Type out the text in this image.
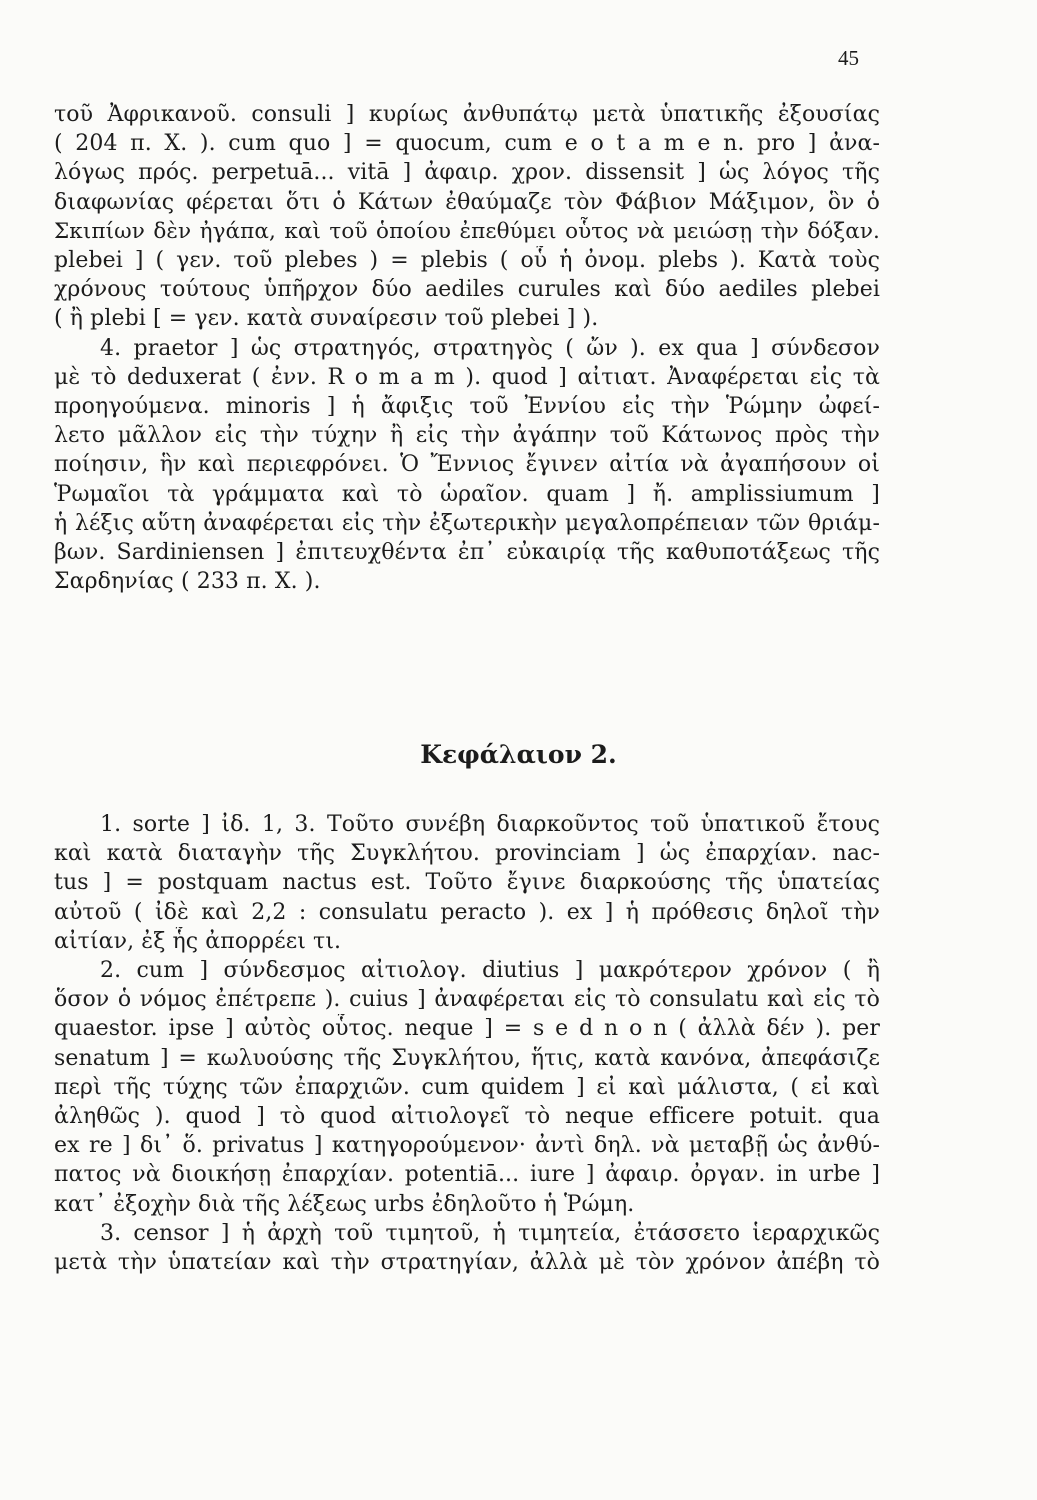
45
τοῦ Ἀφρικανοῦ. consuli ] κυρίως ἀνθυπάτῳ μετὰ ὑπατικῆς ἐξουσίας
( 204 π. Χ. ). cum quo ] = quocum, cum e o t a m e n. pro ] ἀνα-
λόγως πρός. perpetuā... vitā ] ἀφαιρ. χρον. dissensit ] ὡς λόγος τῆς
διαφωνίας φέρεται ὅτι ὁ Κάτων ἐθαύμαζε τὸν Φάβιον Μάξιμον, ὃν ὁ
Σκιπίων δὲν ἠγάπα, καὶ τοῦ ὁποίου ἐπεθύμει οὗτος νὰ μειώσῃ τὴν δόξαν.
plebei ] ( γεν. τοῦ plebes ) = plebis ( οὗ ἡ ὀνομ. plebs ). Κατὰ τοὺς
χρόνους τούτους ὑπῆρχον δύο aediles curules καὶ δύο aediles plebei
( ἢ plebi [ = γεν. κατὰ συναίρεσιν τοῦ plebei ] ).
4. praetor ] ὡς στρατηγός, στρατηγὸς ( ὤν ). ex qua ] σύνδεσον
μὲ τὸ deduxerat ( ἐνν. R o m a m ). quod ] αἰτιατ. Ἀναφέρεται εἰς τὰ
προηγούμενα. minoris ] ἡ ἄφιξις τοῦ Ἐννίου εἰς τὴν Ῥώμην ὠφεί-
λετο μᾶλλον εἰς τὴν τύχην ἢ εἰς τὴν ἀγάπην τοῦ Κάτωνος πρὸς τὴν
ποίησιν, ἣν καὶ περιεφρόνει. Ὁ Ἔννιος ἔγινεν αἰτία νὰ ἀγαπήσουν οἱ
Ῥωμαῖοι τὰ γράμματα καὶ τὸ ὡραῖον. quam ] ἤ. amplissiumum ]
ἡ λέξις αὕτη ἀναφέρεται εἰς τὴν ἐξωτερικὴν μεγαλοπρέπειαν τῶν θριάμ-
βων. Sardiniensen ] ἐπιτευχθέντα ἐπ᾿ εὐκαιρίᾳ τῆς καθυποτάξεως τῆς
Σαρδηνίας ( 233 π. Χ. ).
Κεφάλαιον 2.
1. sorte ] ἰδ. 1, 3. Τοῦτο συνέβη διαρκοῦντος τοῦ ὑπατικοῦ ἔτους
καὶ κατὰ διαταγὴν τῆς Συγκλήτου. provinciam ] ὡς ἐπαρχίαν. nac-
tus ] = postquam nactus est. Τοῦτο ἔγινε διαρκούσης τῆς ὑπατείας
αὐτοῦ ( ἰδὲ καὶ 2,2 : consulatu peracto ). ex ] ἡ πρόθεσις δηλοῖ τὴν
αἰτίαν, ἐξ ἧς ἀπορρέει τι.
2. cum ] σύνδεσμος αἰτιολογ. diutius ] μακρότερον χρόνον ( ἢ
ὅσον ὁ νόμος ἐπέτρεπε ). cuius ] ἀναφέρεται εἰς τὸ consulatu καὶ εἰς τὸ
quaestor. ipse ] αὐτὸς οὗτος. neque ] = s e d n o n ( ἀλλὰ δέν ). per
senatum ] = κωλυούσης τῆς Συγκλήτου, ἥτις, κατὰ κανόνα, ἀπεφάσιζε
περὶ τῆς τύχης τῶν ἐπαρχιῶν. cum quidem ] εἰ καὶ μάλιστα, ( εἰ καὶ
ἀληθῶς ). quod ] τὸ quod αἰτιολογεῖ τὸ neque efficere potuit. qua
ex re ] δι᾿ ὅ. privatus ] κατηγορούμενον· ἀντὶ δηλ. νὰ μεταβῇ ὡς ἀνθύ-
πατος νὰ διοικήσῃ ἐπαρχίαν. potentiā... iure ] ἀφαιρ. ὀργαν. in urbe ]
κατ᾿ ἐξοχὴν διὰ τῆς λέξεως urbs ἐδηλοῦτο ἡ Ῥώμη.
3. censor ] ἡ ἀρχὴ τοῦ τιμητοῦ, ἡ τιμητεία, ἐτάσσετο ἱεραρχικῶς
μετὰ τὴν ὑπατείαν καὶ τὴν στρατηγίαν, ἀλλὰ μὲ τὸν χρόνον ἀπέβη τὸ
